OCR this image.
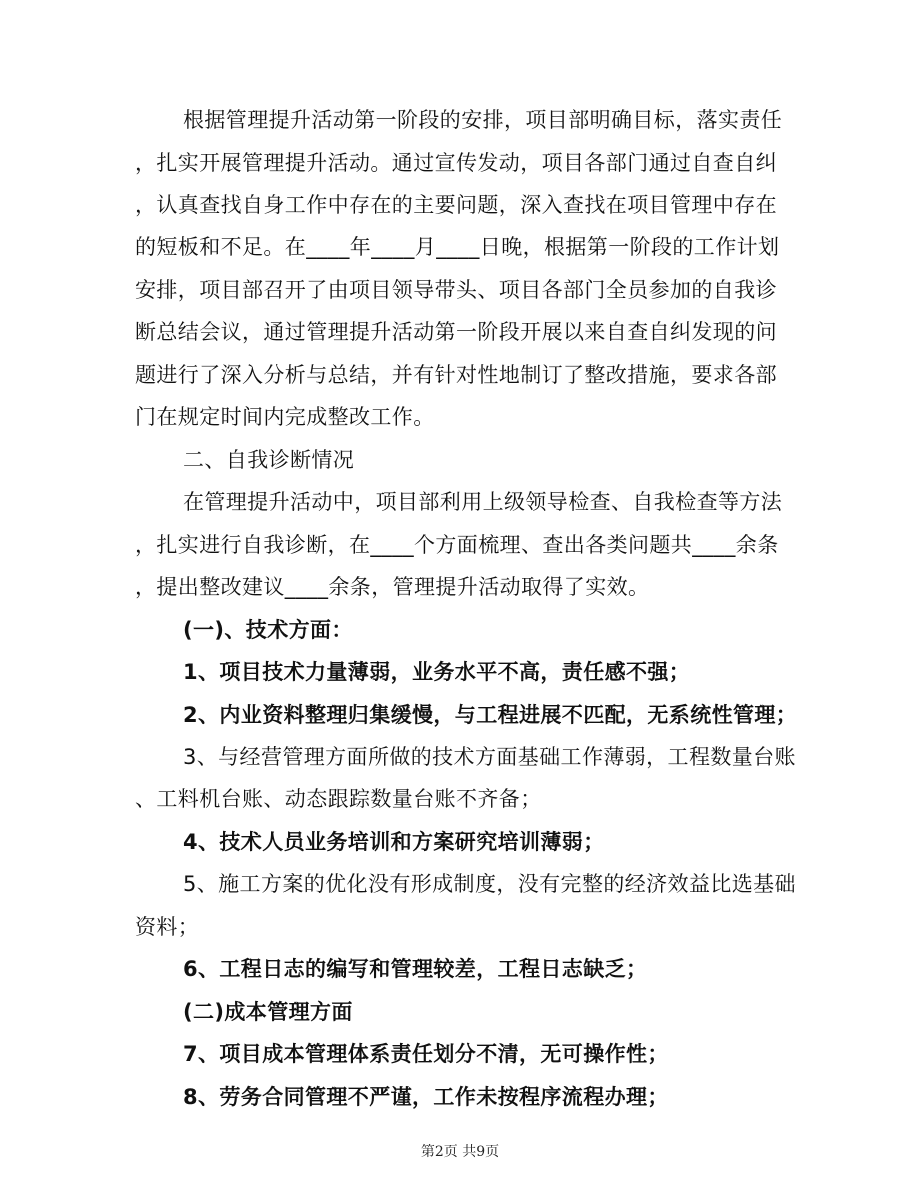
根据管理提升活动第一阶段的安排，项目部明确目标，落实责任
，扎实开展管理提升活动。通过宣传发动，项目各部门通过自查自纠
，认真查找自身工作中存在的主要问题，深入查找在项目管理中存在
的短板和不足。在____年____月____日晚，根据第一阶段的工作计划
安排，项目部召开了由项目领导带头、项目各部门全员参加的自我诊
断总结会议，通过管理提升活动第一阶段开展以来自查自纠发现的问
题进行了深入分析与总结，并有针对性地制订了整改措施，要求各部
门在规定时间内完成整改工作。
二、自我诊断情况
在管理提升活动中，项目部利用上级领导检查、自我检查等方法
，扎实进行自我诊断，在____个方面梳理、查出各类问题共____余条
，提出整改建议____余条，管理提升活动取得了实效。
(一)、技术方面：
1、项目技术力量薄弱，业务水平不高，责任感不强；
2、内业资料整理归集缓慢，与工程进展不匹配，无系统性管理；
3、与经营管理方面所做的技术方面基础工作薄弱，工程数量台账
、工料机台账、动态跟踪数量台账不齐备；
4、技术人员业务培训和方案研究培训薄弱；
5、施工方案的优化没有形成制度，没有完整的经济效益比选基础
资料；
6、工程日志的编写和管理较差，工程日志缺乏；
(二)成本管理方面
7、项目成本管理体系责任划分不清，无可操作性；
8、劳务合同管理不严谨，工作未按程序流程办理；
第2页 共9页
